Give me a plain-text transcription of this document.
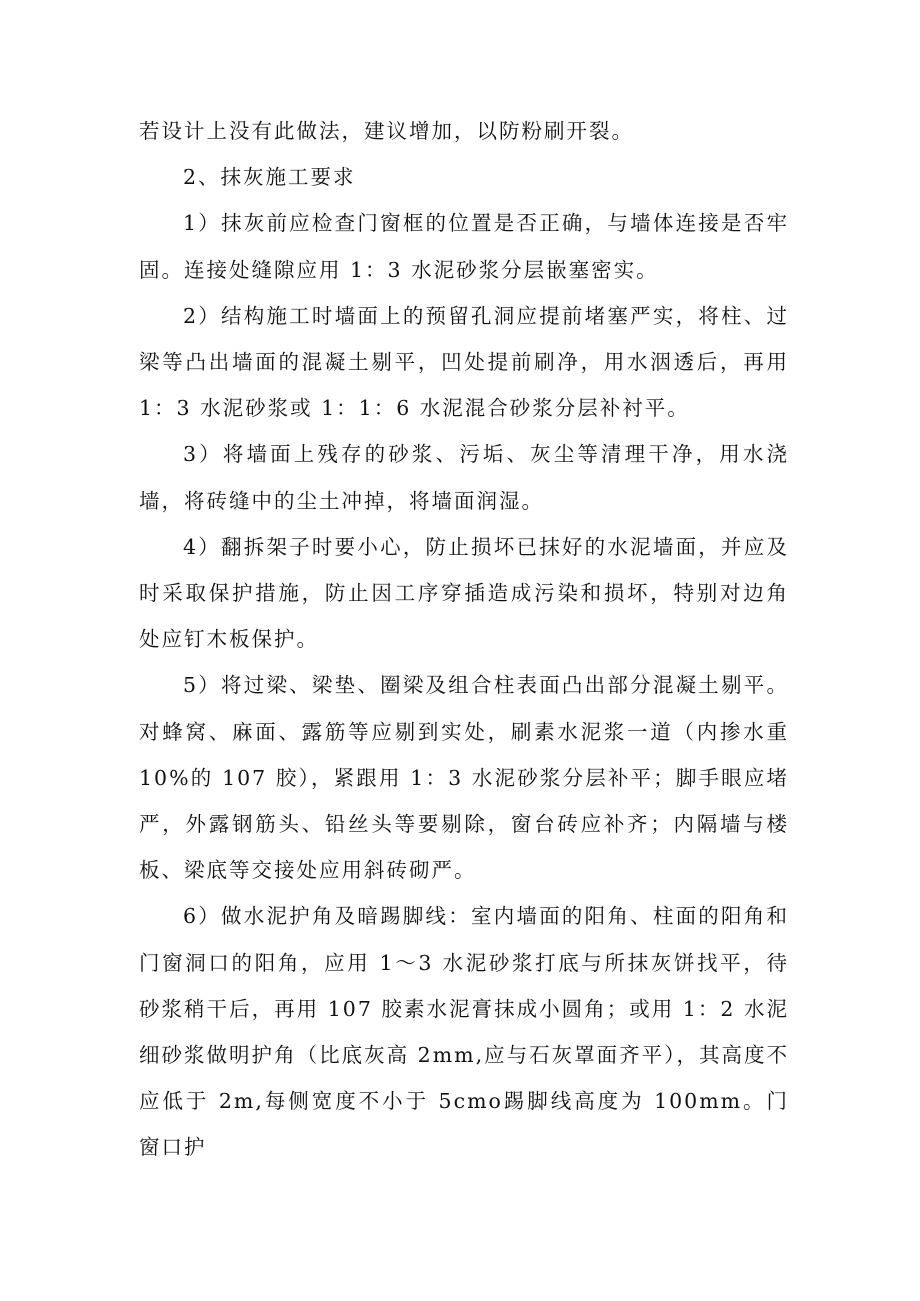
若设计上没有此做法，建议增加，以防粉刷开裂。

2、抹灰施工要求

1）抹灰前应检查门窗框的位置是否正确，与墙体连接是否牢固。连接处缝隙应用 1：3 水泥砂浆分层嵌塞密实。

2）结构施工时墙面上的预留孔洞应提前堵塞严实，将柱、过梁等凸出墙面的混凝土剔平，凹处提前刷净，用水洇透后，再用 1：3 水泥砂浆或 1：1：6 水泥混合砂浆分层补衬平。

3）将墙面上残存的砂浆、污垢、灰尘等清理干净，用水浇墙，将砖缝中的尘土冲掉，将墙面润湿。

4）翻拆架子时要小心，防止损坏已抹好的水泥墙面，并应及时采取保护措施，防止因工序穿插造成污染和损坏，特别对边角处应钉木板保护。

5）将过梁、梁垫、圈梁及组合柱表面凸出部分混凝土剔平。对蜂窝、麻面、露筋等应剔到实处，刷素水泥浆一道（内掺水重 10%的 107 胶），紧跟用 1：3 水泥砂浆分层补平；脚手眼应堵严，外露钢筋头、铅丝头等要剔除，窗台砖应补齐；内隔墙与楼板、梁底等交接处应用斜砖砌严。

6）做水泥护角及暗踢脚线：室内墙面的阳角、柱面的阳角和门窗洞口的阳角，应用 1～3 水泥砂浆打底与所抹灰饼找平，待砂浆稍干后，再用 107 胶素水泥膏抹成小圆角；或用 1：2 水泥细砂浆做明护角（比底灰高 2mm,应与石灰罩面齐平），其高度不应低于 2m,每侧宽度不小于 5cmo踢脚线高度为 100mm。门窗口护
